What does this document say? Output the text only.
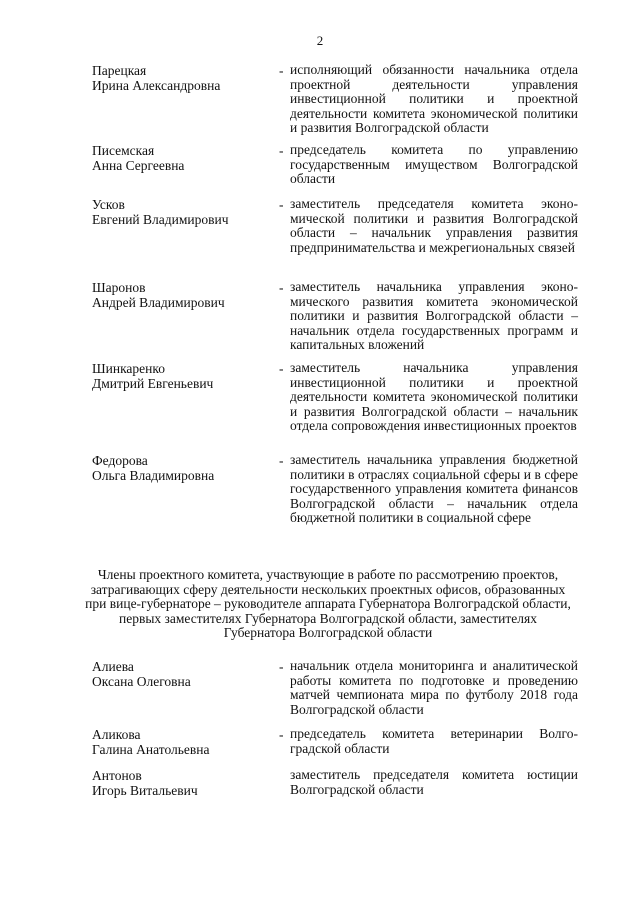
2
Парецкая
Ирина Александровна
- исполняющий обязанности начальника отдела проектной деятельности управления инвестиционной политики и проектной деятельности комитета экономической политики и развития Волгоградской области
Писемская
Анна Сергеевна
- председатель комитета по управлению государственным имуществом Волгоградской области
Усков
Евгений Владимирович
- заместитель председателя комитета экономической политики и развития Волгоградской области – начальник управления развития предпринимательства и межрегиональных связей
Шаронов
Андрей Владимирович
- заместитель начальника управления экономического развития комитета экономической политики и развития Волгоградской области – начальник отдела государственных программ и капитальных вложений
Шинкаренко
Дмитрий Евгеньевич
- заместитель начальника управления инвестиционной политики и проектной деятельности комитета экономической политики и развития Волгоградской области – начальник отдела сопровождения инвестиционных проектов
Федорова
Ольга Владимировна
- заместитель начальника управления бюджетной политики в отраслях социальной сферы и в сфере государственного управления комитета финансов Волгоградской области – начальник отдела бюджетной политики в социальной сфере
Члены проектного комитета, участвующие в работе по рассмотрению проектов, затрагивающих сферу деятельности нескольких проектных офисов, образованных при вице-губернаторе – руководителе аппарата Губернатора Волгоградской области, первых заместителях Губернатора Волгоградской области, заместителях Губернатора Волгоградской области
Алиева
Оксана Олеговна
- начальник отдела мониторинга и аналитической работы комитета по подготовке и проведению матчей чемпионата мира по футболу 2018 года Волгоградской области
Аликова
Галина Анатольевна
- председатель комитета ветеринарии Волгоградской области
Антонов
Игорь Витальевич
заместитель председателя комитета юстиции Волгоградской области
